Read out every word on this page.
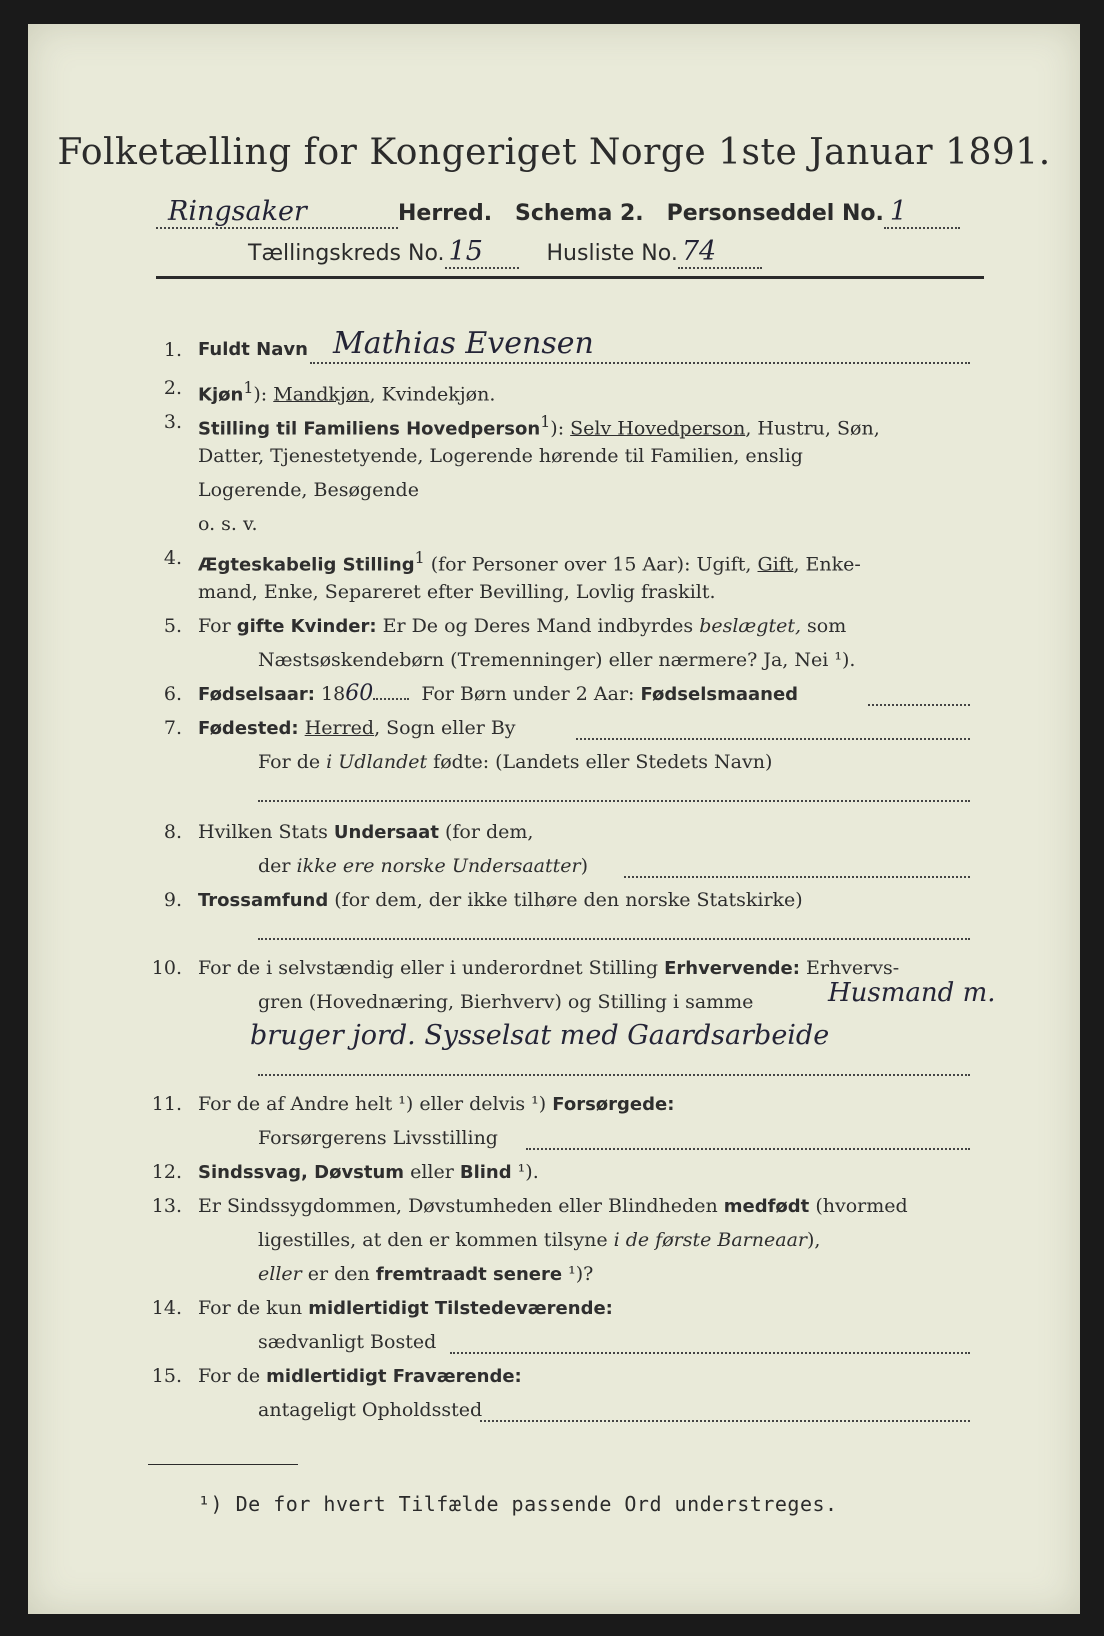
Folketælling for Kongeriget Norge 1ste Januar 1891.
Ringsaker	Herred. Schema 2. Personseddel No. 1
Tællingskreds No. 15	Husliste No. 74
1. Fuldt Navn Mathias Evensen
2. Kjøn$^1$): Mandkjøn, Kvindekjøn.
3. Stilling til Familiens Hovedperson$^1$): Selv Hovedperson, Hustru, Søn,
Datter, Tjenestetyende, Logerende hørende til Familien, enslig
Logerende, Besøgende
o. s. v.
4. Ægteskabelig Stilling$^1$ (for Personer over 15 Aar): Ugift, Gift, Enke-
mand, Enke, Separeret efter Bevilling, Lovlig fraskilt.
5. For gifte Kvinder: Er De og Deres Mand indbyrdes beslægtet, som
Næstsøskendebørn (Tremenninger) eller nærmere? Ja, Nei ¹).
6. Fødselsaar: 1860	For Børn under 2 Aar: Fødselsmaaned
7. Fødested: Herred, Sogn eller By
For de i Udlandet fødte: (Landets eller Stedets Navn)
8. Hvilken Stats Undersaat (for dem,
der ikke ere norske Undersaatter)
9. Trossamfund (for dem, der ikke tilhøre den norske Statskirke)
10. For de i selvstændig eller i underordnet Stilling Erhvervende: Erhvervs-
gren (Hovednæring, Bierhverv) og Stilling i samme	Husmand m.
bruger jord. Sysselsat med Gaardsarbeide
11. For de af Andre helt ¹) eller delvis ¹) Forsørgede:
Forsørgerens Livsstilling
12. Sindssvag, Døvstum eller Blind ¹).
13. Er Sindssygdommen, Døvstumheden eller Blindheden medfødt (hvormed
ligestilles, at den er kommen tilsyne i de første Barneaar),
eller er den fremtraadt senere ¹)?
14. For de kun midlertidigt Tilstedeværende:
sædvanligt Bosted
15. For de midlertidigt Fraværende:
antageligt Opholdssted
¹) De for hvert Tilfælde passende Ord understreges.
